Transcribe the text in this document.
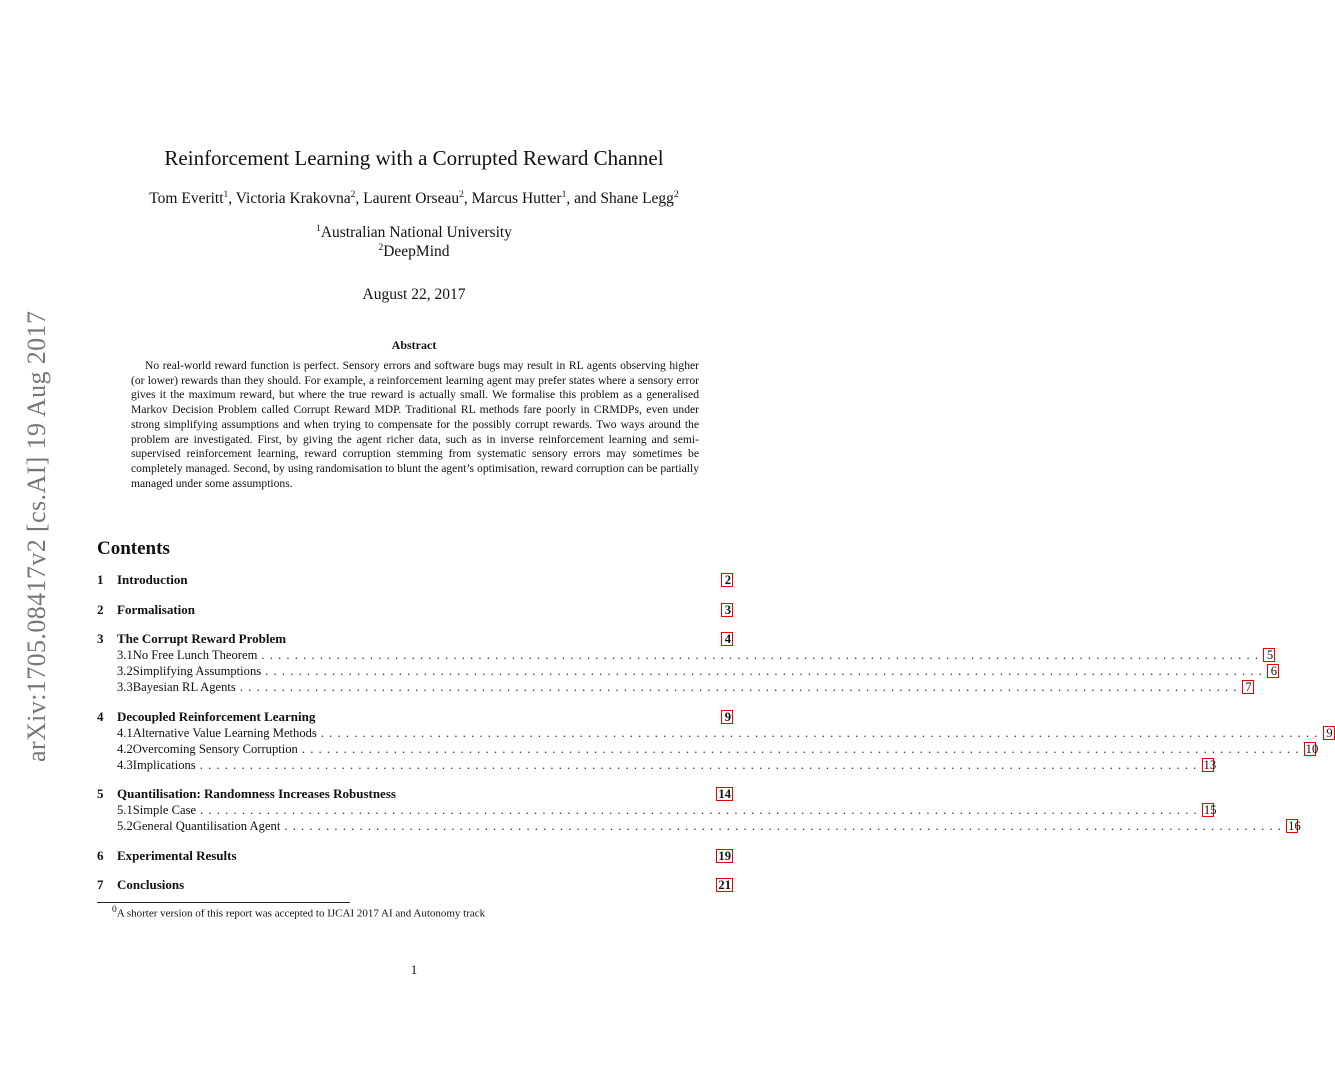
arXiv:1705.08417v2 [cs.AI] 19 Aug 2017
Reinforcement Learning with a Corrupted Reward Channel
Tom Everitt$^1$, Victoria Krakovna$^2$, Laurent Orseau$^2$, Marcus Hutter$^1$, and Shane Legg$^2$
$^1$Australian National University
$^2$DeepMind
August 22, 2017
Abstract
No real-world reward function is perfect. Sensory errors and software bugs may result in RL agents observing higher (or lower) rewards than they should. For example, a reinforcement learning agent may prefer states where a sensory error gives it the maximum reward, but where the true reward is actually small. We formalise this problem as a generalised Markov Decision Problem called Corrupt Reward MDP. Traditional RL methods fare poorly in CRMDPs, even under strong simplifying assumptions and when trying to compensate for the possibly corrupt rewards. Two ways around the problem are investigated. First, by giving the agent richer data, such as in inverse reinforcement learning and semi-supervised reinforcement learning, reward corruption stemming from systematic sensory errors may sometimes be completely managed. Second, by using randomisation to blunt the agent’s optimisation, reward corruption can be partially managed under some assumptions.
Contents
1	Introduction	2
2	Formalisation	3
3	The Corrupt Reward Problem	4
3.1 No Free Lunch Theorem ........................................................................................................................ 5
3.2 Simplifying Assumptions ........................................................................................................................ 6
3.3 Bayesian RL Agents ........................................................................................................................ 7
4	Decoupled Reinforcement Learning	9
4.1 Alternative Value Learning Methods ........................................................................................................................ 9
4.2 Overcoming Sensory Corruption ........................................................................................................................ 10
4.3 Implications ........................................................................................................................ 13
5	Quantilisation: Randomness Increases Robustness	14
5.1 Simple Case ........................................................................................................................ 15
5.2 General Quantilisation Agent ........................................................................................................................ 16
6	Experimental Results	19
7	Conclusions	21
$^0$A shorter version of this report was accepted to IJCAI 2017 AI and Autonomy track
1
